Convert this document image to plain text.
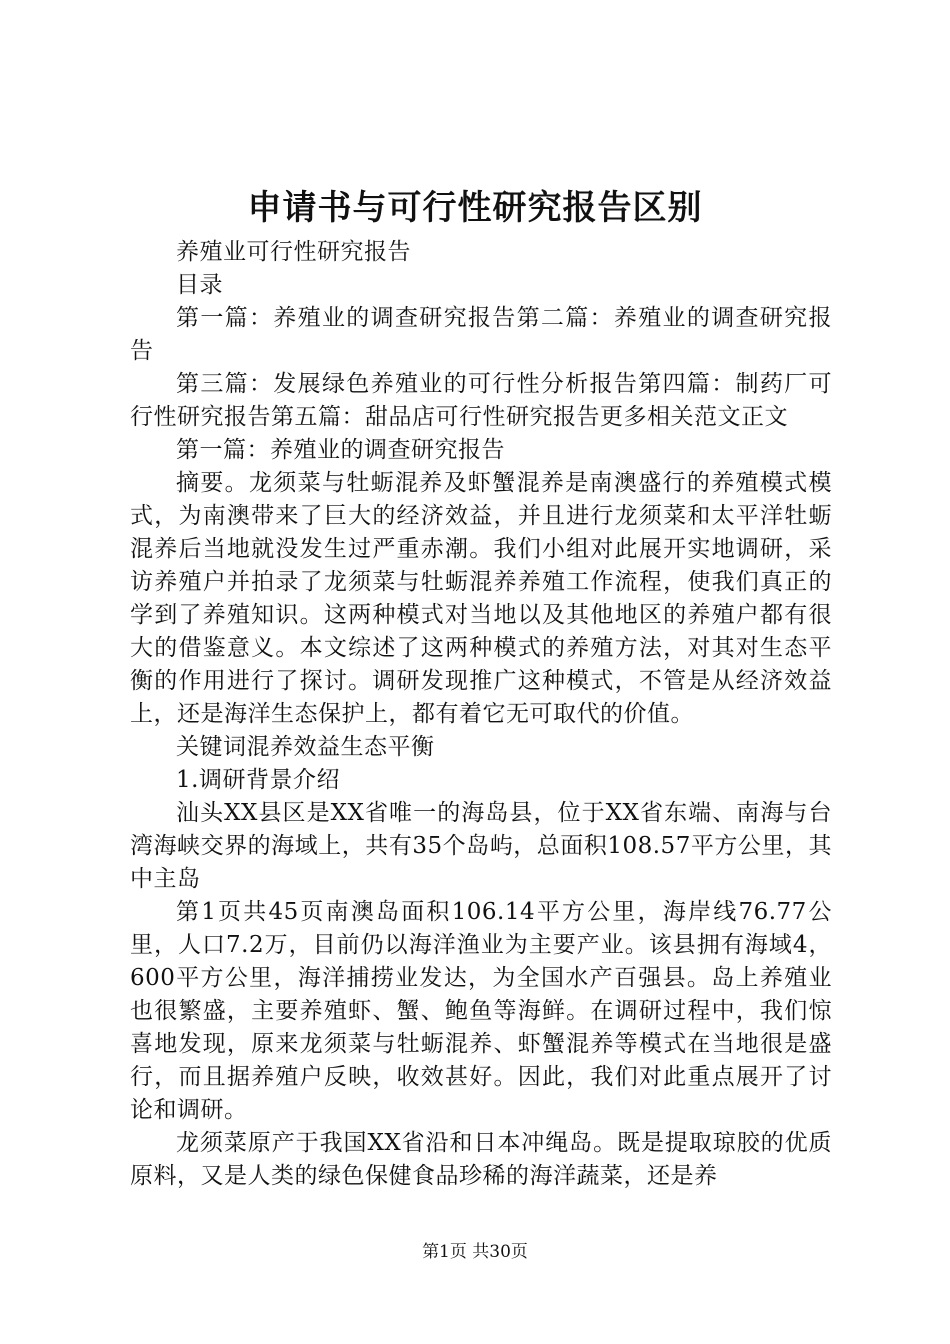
申请书与可行性研究报告区别

养殖业可行性研究报告

目录

第一篇：养殖业的调查研究报告第二篇：养殖业的调查研究报告

第三篇：发展绿色养殖业的可行性分析报告第四篇：制药厂可行性研究报告第五篇：甜品店可行性研究报告更多相关范文正文

第一篇：养殖业的调查研究报告

摘要。龙须菜与牡蛎混养及虾蟹混养是南澳盛行的养殖模式模式，为南澳带来了巨大的经济效益，并且进行龙须菜和太平洋牡蛎混养后当地就没发生过严重赤潮。我们小组对此展开实地调研，采访养殖户并拍录了龙须菜与牡蛎混养养殖工作流程，使我们真正的学到了养殖知识。这两种模式对当地以及其他地区的养殖户都有很大的借鉴意义。本文综述了这两种模式的养殖方法，对其对生态平衡的作用进行了探讨。调研发现推广这种模式，不管是从经济效益上，还是海洋生态保护上，都有着它无可取代的价值。

关键词混养效益生态平衡

1.调研背景介绍

汕头XX县区是XX省唯一的海岛县，位于XX省东端、南海与台湾海峡交界的海域上，共有35个岛屿，总面积108.57平方公里，其中主岛

第1页共45页南澳岛面积106.14平方公里，海岸线76.77公里，人口7.2万，目前仍以海洋渔业为主要产业。该县拥有海域4，600平方公里，海洋捕捞业发达，为全国水产百强县。岛上养殖业也很繁盛，主要养殖虾、蟹、鲍鱼等海鲜。在调研过程中，我们惊喜地发现，原来龙须菜与牡蛎混养、虾蟹混养等模式在当地很是盛行，而且据养殖户反映，收效甚好。因此，我们对此重点展开了讨论和调研。

龙须菜原产于我国XX省沿和日本冲绳岛。既是提取琼胶的优质原料，又是人类的绿色保健食品珍稀的海洋蔬菜，还是养

第1页 共30页
